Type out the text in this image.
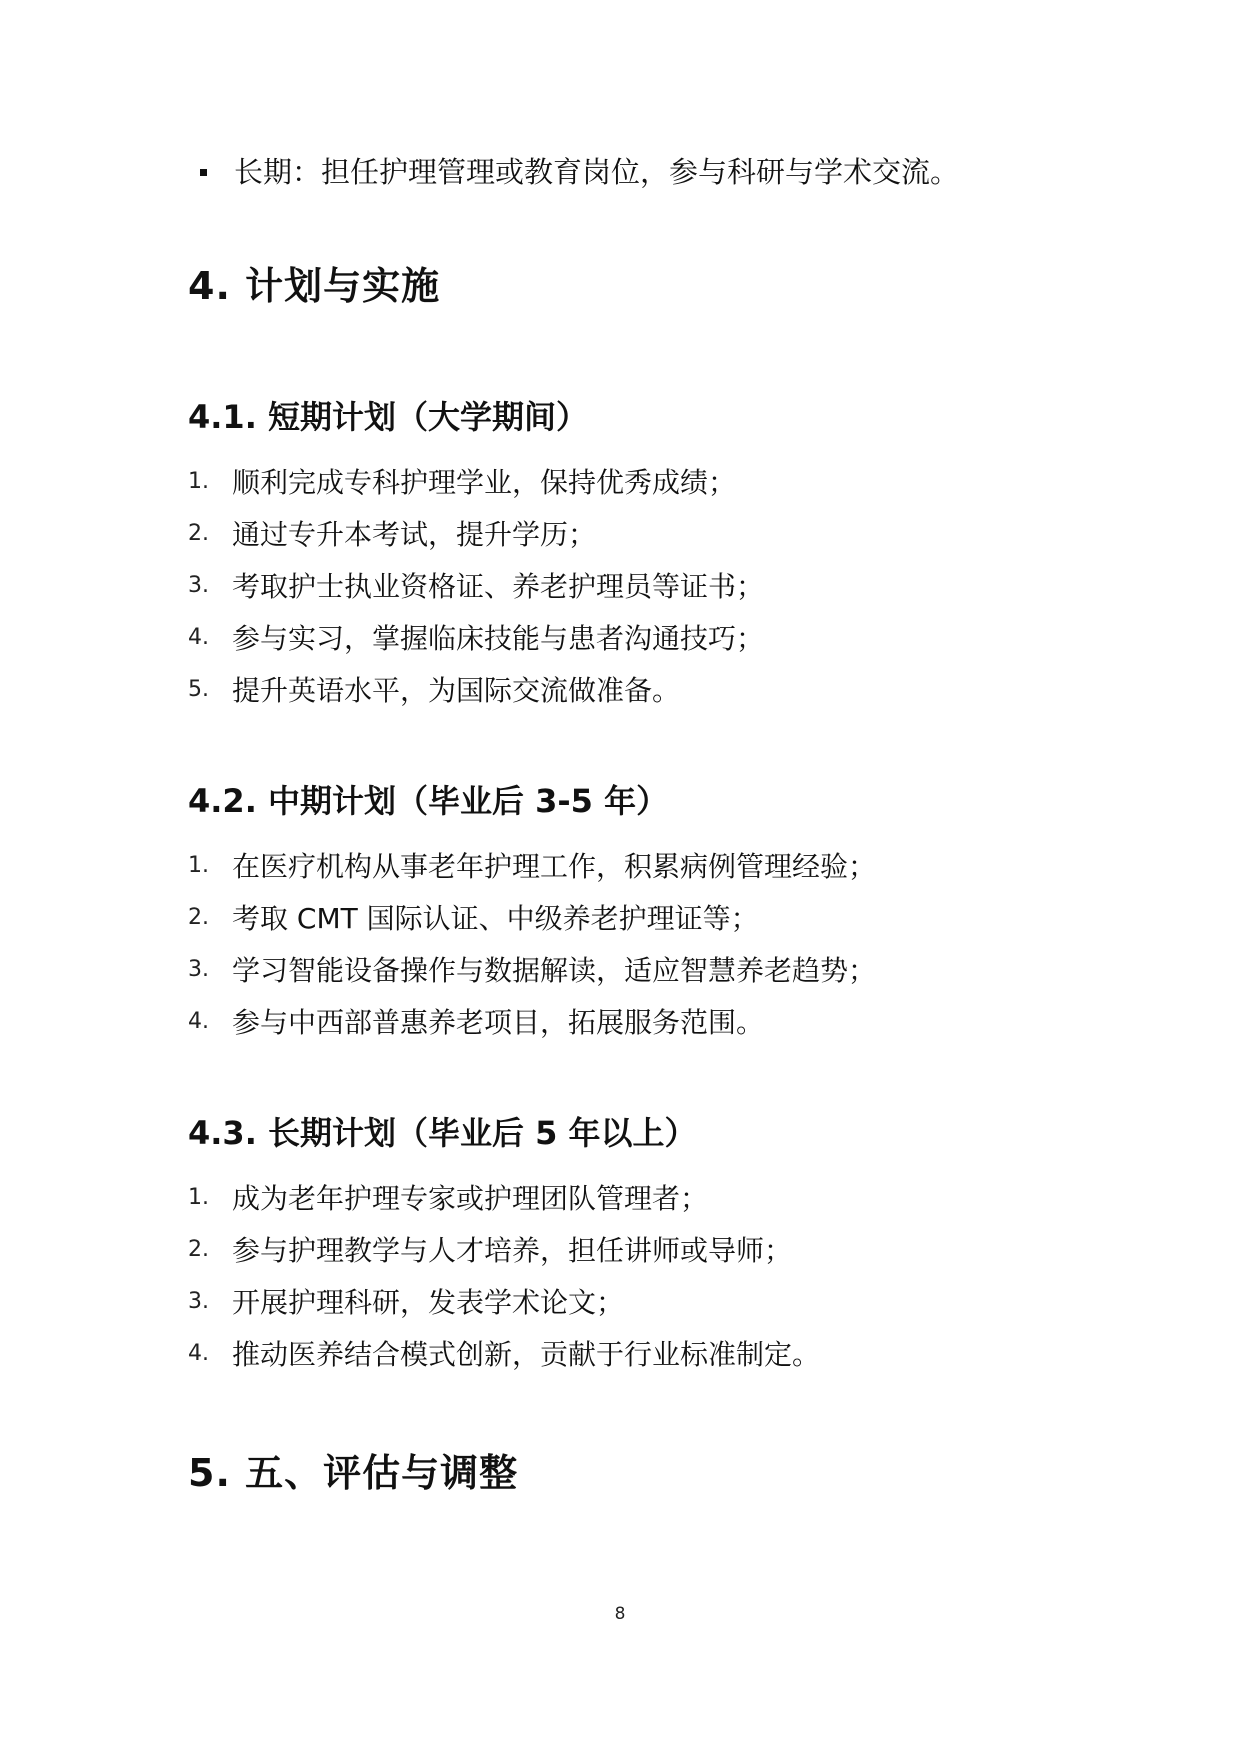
长期：担任护理管理或教育岗位，参与科研与学术交流。
4. 计划与实施
4.1. 短期计划（大学期间）
1. 顺利完成专科护理学业，保持优秀成绩；
2. 通过专升本考试，提升学历；
3. 考取护士执业资格证、养老护理员等证书；
4. 参与实习，掌握临床技能与患者沟通技巧；
5. 提升英语水平，为国际交流做准备。
4.2. 中期计划（毕业后 3-5 年）
1. 在医疗机构从事老年护理工作，积累病例管理经验；
2. 考取 CMT 国际认证、中级养老护理证等；
3. 学习智能设备操作与数据解读，适应智慧养老趋势；
4. 参与中西部普惠养老项目，拓展服务范围。
4.3. 长期计划（毕业后 5 年以上）
1. 成为老年护理专家或护理团队管理者；
2. 参与护理教学与人才培养，担任讲师或导师；
3. 开展护理科研，发表学术论文；
4. 推动医养结合模式创新，贡献于行业标准制定。
5. 五、评估与调整
8
